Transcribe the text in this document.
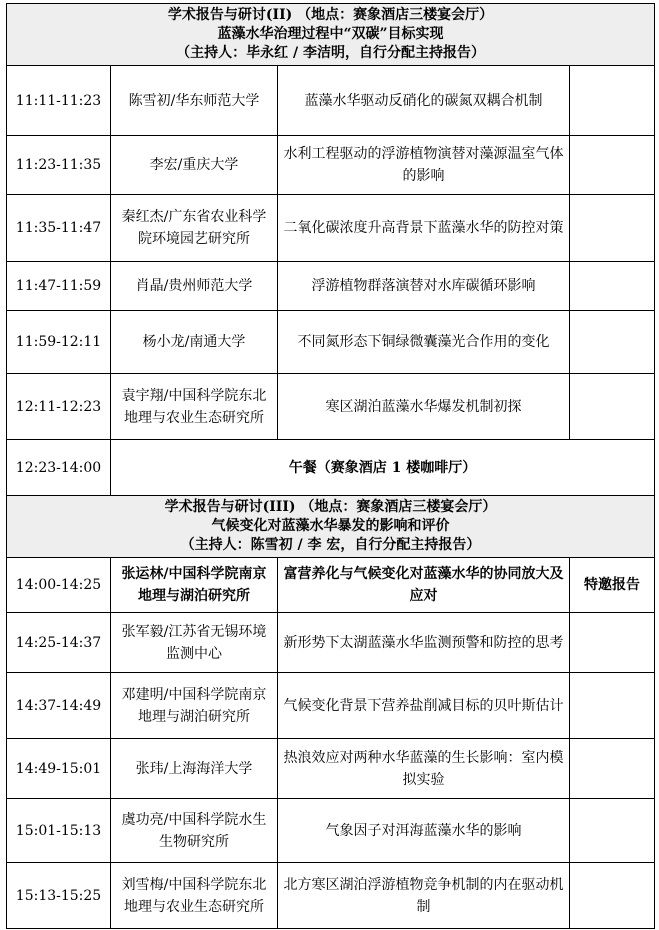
学术报告与研讨(II) （地点：赛象酒店三楼宴会厅）
蓝藻水华治理过程中“双碳”目标实现
（主持人：毕永红 / 李洁明，自行分配主持报告）			

11:11-11:23	陈雪初/华东师范大学	蓝藻水华驱动反硝化的碳氮双耦合机制	
11:23-11:35	李宏/重庆大学	水利工程驱动的浮游植物演替对藻源温室气体的影响	
11:35-11:47	秦红杰/广东省农业科学院环境园艺研究所	二氧化碳浓度升高背景下蓝藻水华的防控对策	
11:47-11:59	肖晶/贵州师范大学	浮游植物群落演替对水库碳循环影响	
11:59-12:11	杨小龙/南通大学	不同氮形态下铜绿微囊藻光合作用的变化	
12:11-12:23	袁宇翔/中国科学院东北地理与农业生态研究所	寒区湖泊蓝藻水华爆发机制初探	
12:23-14:00	午餐（赛象酒店 1 楼咖啡厅）		

学术报告与研讨(III) （地点：赛象酒店三楼宴会厅）
气候变化对蓝藻水华暴发的影响和评价
（主持人：陈雪初 / 李 宏，自行分配主持报告）			

14:00-14:25	张运林/中国科学院南京地理与湖泊研究所	富营养化与气候变化对蓝藻水华的协同放大及应对	特邀报告
14:25-14:37	张军毅/江苏省无锡环境监测中心	新形势下太湖蓝藻水华监测预警和防控的思考	
14:37-14:49	邓建明/中国科学院南京地理与湖泊研究所	气候变化背景下营养盐削减目标的贝叶斯估计	
14:49-15:01	张玮/上海海洋大学	热浪效应对两种水华蓝藻的生长影响：室内模拟实验	
15:01-15:13	虞功亮/中国科学院水生生物研究所	气象因子对洱海蓝藻水华的影响	
15:13-15:25	刘雪梅/中国科学院东北地理与农业生态研究所	北方寒区湖泊浮游植物竞争机制的内在驱动机制	
